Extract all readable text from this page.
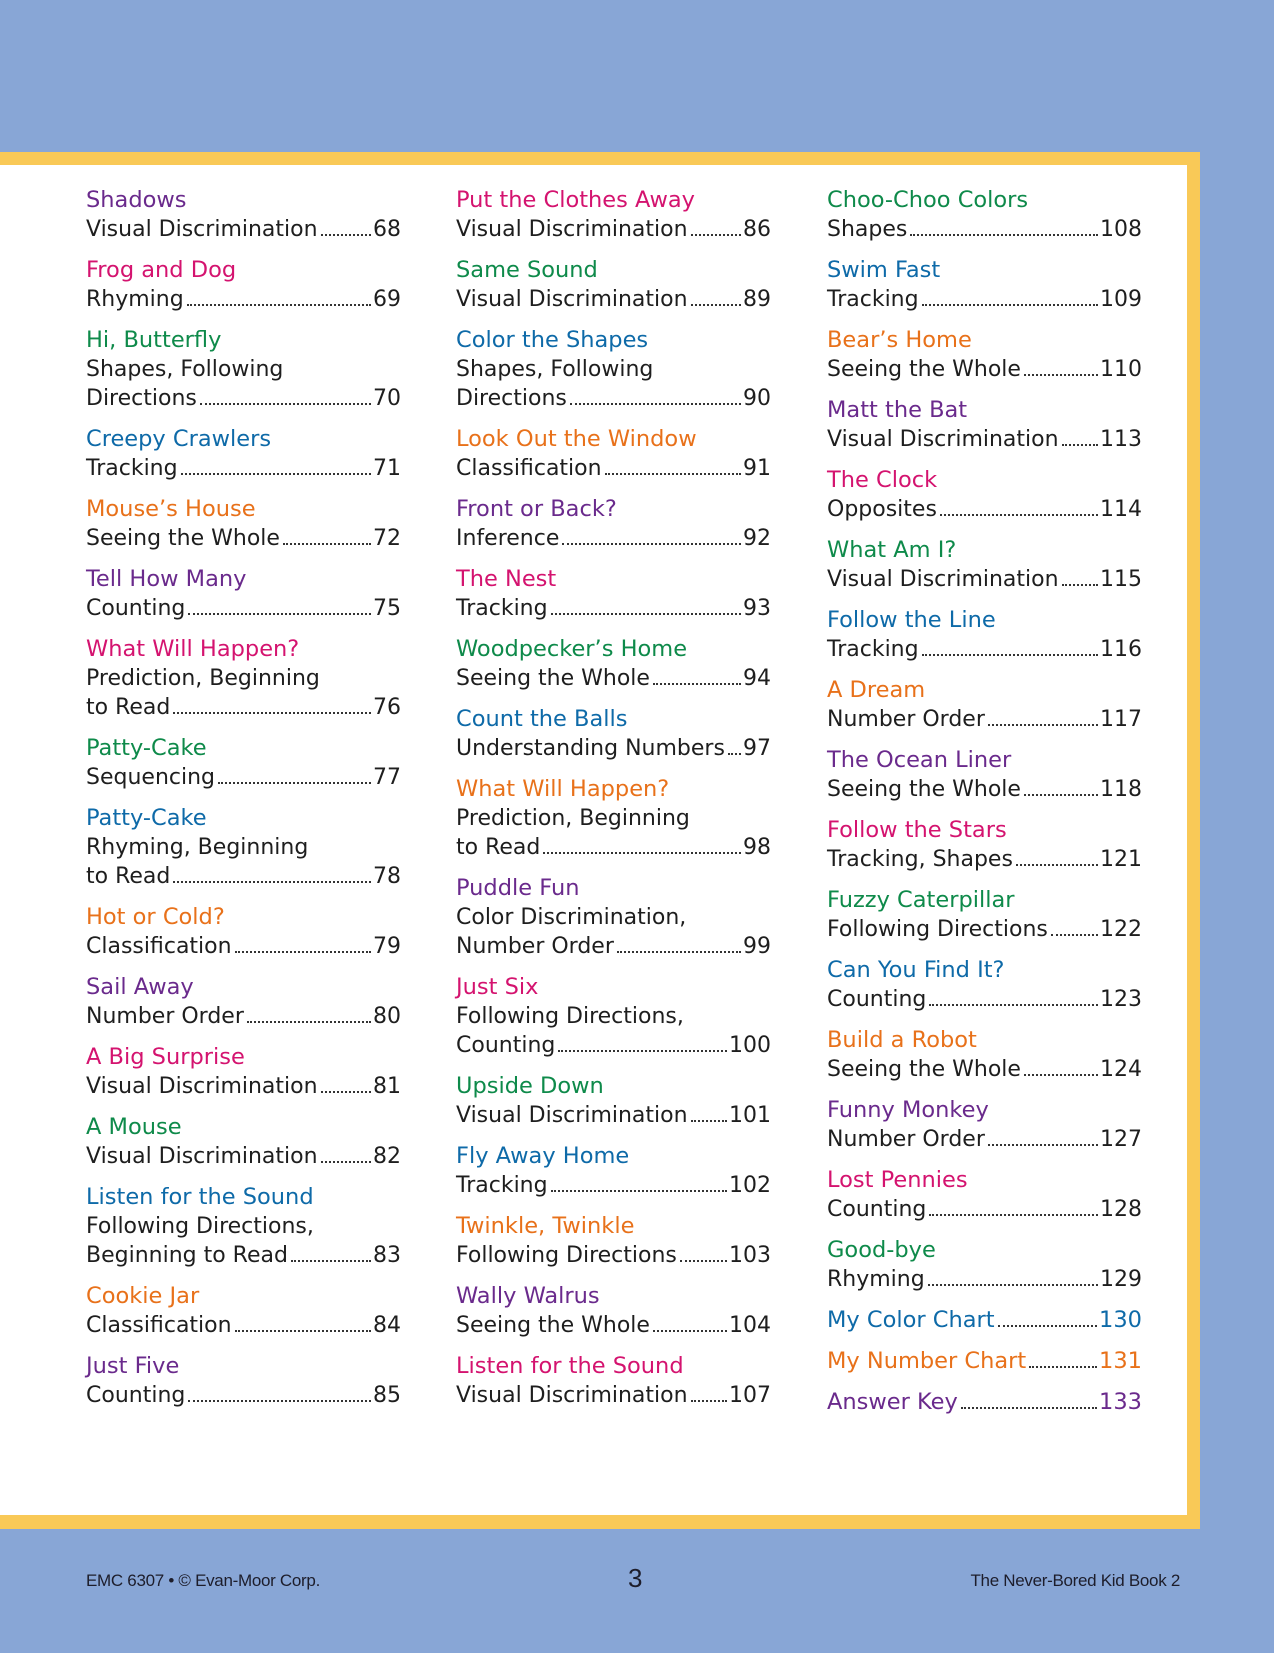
Shadows
Visual Discrimination	68
Frog and Dog
Rhyming	69
Hi, Butterfly
Shapes, Following
Directions	70
Creepy Crawlers
Tracking	71
Mouse’s House
Seeing the Whole	72
Tell How Many
Counting	75
What Will Happen?
Prediction, Beginning
to Read	76
Patty-Cake
Sequencing	77
Patty-Cake
Rhyming, Beginning
to Read	78
Hot or Cold?
Classification	79
Sail Away
Number Order	80
A Big Surprise
Visual Discrimination	81
A Mouse
Visual Discrimination	82
Listen for the Sound
Following Directions,
Beginning to Read	83
Cookie Jar
Classification	84
Just Five
Counting	85
Put the Clothes Away
Visual Discrimination	86
Same Sound
Visual Discrimination	89
Color the Shapes
Shapes, Following
Directions	90
Look Out the Window
Classification	91
Front or Back?
Inference	92
The Nest
Tracking	93
Woodpecker’s Home
Seeing the Whole	94
Count the Balls
Understanding Numbers 97
What Will Happen?
Prediction, Beginning
to Read	98
Puddle Fun
Color Discrimination,
Number Order	99
Just Six
Following Directions,
Counting	100
Upside Down
Visual Discrimination 101
Fly Away Home
Tracking	102
Twinkle, Twinkle
Following Directions 103
Wally Walrus
Seeing the Whole	104
Listen for the Sound
Visual Discrimination 107
Choo-Choo Colors
Shapes	108
Swim Fast
Tracking	109
Bear’s Home
Seeing the Whole	110
Matt the Bat
Visual Discrimination 113
The Clock
Opposites	114
What Am I?
Visual Discrimination 115
Follow the Line
Tracking	116
A Dream
Number Order	117
The Ocean Liner
Seeing the Whole	118
Follow the Stars
Tracking, Shapes	121
Fuzzy Caterpillar
Following Directions 122
Can You Find It?
Counting	123
Build a Robot
Seeing the Whole	124
Funny Monkey
Number Order	127
Lost Pennies
Counting	128
Good-bye
Rhyming	129
My Color Chart	130
My Number Chart	131
Answer Key	133
EMC 6307 • © Evan-Moor Corp.	3	The Never-Bored Kid Book 2
